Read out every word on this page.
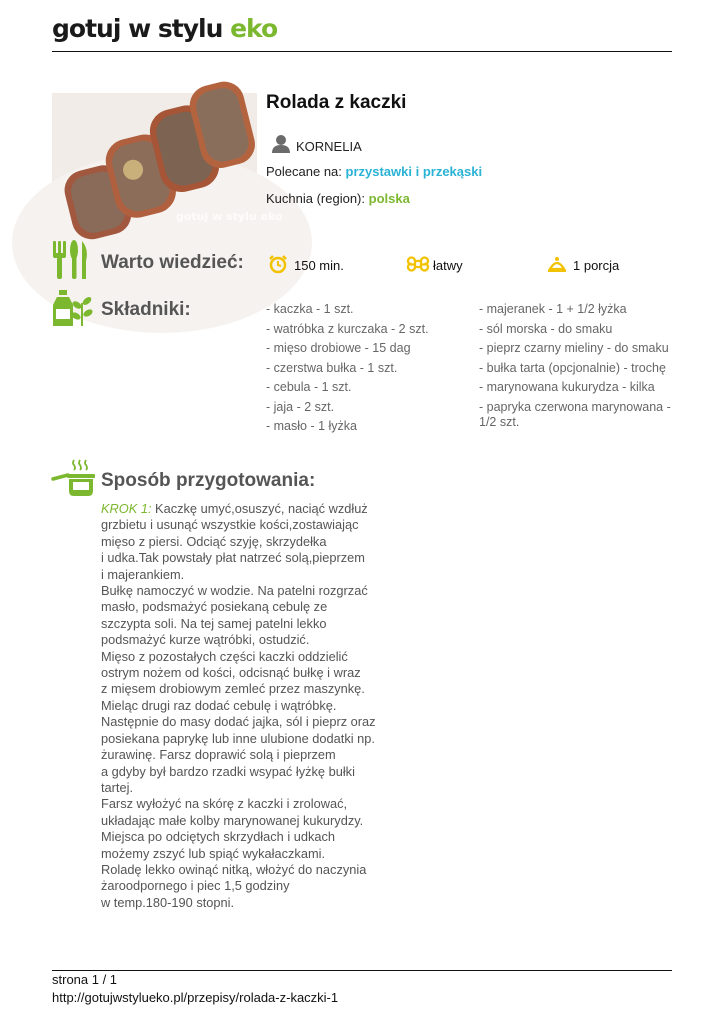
gotuj w stylu eko
gotuj w stylu eko
Rolada z kaczki
KORNELIA
Polecane na: przystawki i przekąski
Kuchnia (region): polska
Warto wiedzieć:	150 min.	łatwy	1 porcja
Składniki:	- kaczka - 1 szt.
- watróbka z kurczaka - 2 szt.
- mięso drobiowe - 15 dag
- czerstwa bułka - 1 szt.
- cebula - 1 szt.
- jaja - 2 szt.
- masło - 1 łyżka
- majeranek - 1 + 1/2 łyżka
- sól morska - do smaku
- pieprz czarny mieliny - do smaku
- bułka tarta (opcjonalnie) - trochę
- marynowana kukurydza - kilka
- papryka czerwona marynowana - 1/2 szt.
Sposób przygotowania:
KROK 1: Kaczkę umyć,osuszyć, naciąć wzdłuż
grzbietu i usunąć wszystkie kości,zostawiając
mięso z piersi. Odciąć szyję, skrzydełka
i udka.Tak powstały płat natrzeć solą,pieprzem
i majerankiem.
Bułkę namoczyć w wodzie. Na patelni rozgrzać
masło, podsmażyć posiekaną cebulę ze
szczypta soli. Na tej samej patelni lekko
podsmażyć kurze wątróbki, ostudzić.
Mięso z pozostałych części kaczki oddzielić
ostrym nożem od kości, odcisnąć bułkę i wraz
z mięsem drobiowym zemleć przez maszynkę.
Mieląc drugi raz dodać cebulę i wątróbkę.
Następnie do masy dodać jajka, sól i pieprz oraz
posiekana paprykę lub inne ulubione dodatki np.
żurawinę. Farsz doprawić solą i pieprzem
a gdyby był bardzo rzadki wsypać łyżkę bułki
tartej.
Farsz wyłożyć na skórę z kaczki i zrolować,
układając małe kolby marynowanej kukurydzy.
Miejsca po odciętych skrzydłach i udkach
możemy zszyć lub spiąć wykałaczkami.
Roladę lekko owinąć nitką, włożyć do naczynia
żaroodpornego i piec 1,5 godziny
w temp.180-190 stopni.
strona 1 / 1
http://gotujwstylueko.pl/przepisy/rolada-z-kaczki-1
